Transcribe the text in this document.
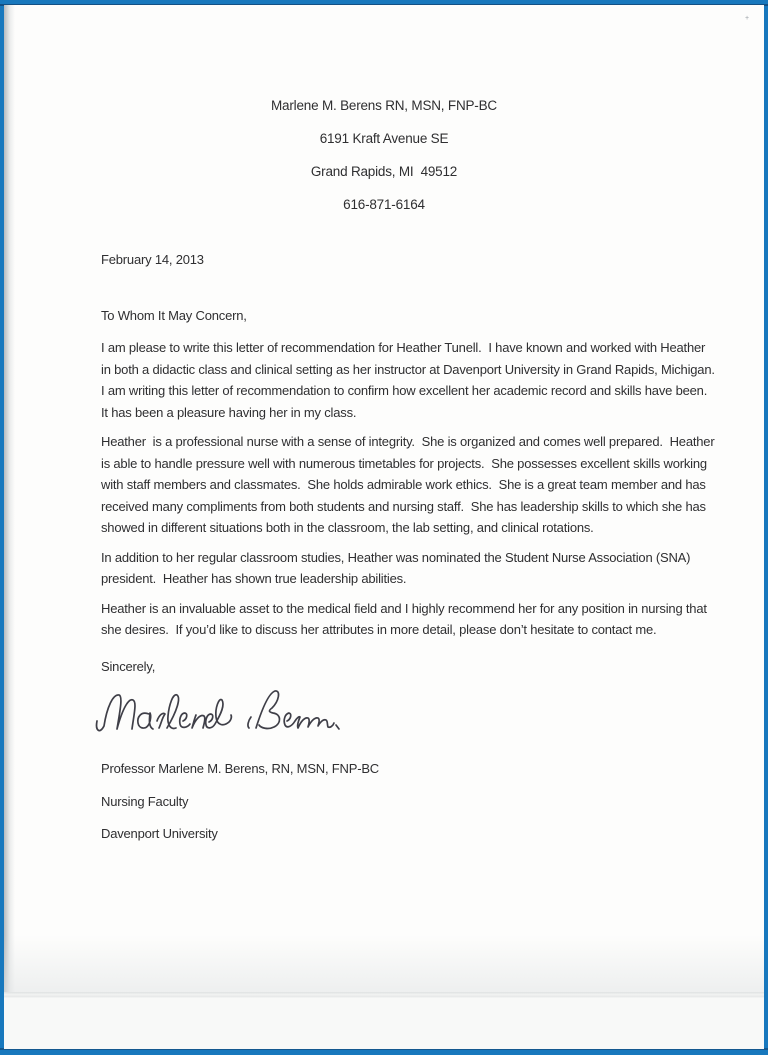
Marlene M. Berens RN, MSN, FNP-BC
6191 Kraft Avenue SE
Grand Rapids, MI  49512
616-871-6164
February 14, 2013
To Whom It May Concern,
I am please to write this letter of recommendation for Heather Tunell.  I have known and worked with Heather in both a didactic class and clinical setting as her instructor at Davenport University in Grand Rapids, Michigan.  I am writing this letter of recommendation to confirm how excellent her academic record and skills have been.  It has been a pleasure having her in my class.
Heather  is a professional nurse with a sense of integrity.  She is organized and comes well prepared.  Heather is able to handle pressure well with numerous timetables for projects.  She possesses excellent skills working with staff members and classmates.  She holds admirable work ethics.  She is a great team member and has received many compliments from both students and nursing staff.  She has leadership skills to which she has showed in different situations both in the classroom, the lab setting, and clinical rotations.
In addition to her regular classroom studies, Heather was nominated the Student Nurse Association (SNA) president.  Heather has shown true leadership abilities.
Heather is an invaluable asset to the medical field and I highly recommend her for any position in nursing that she desires.  If you’d like to discuss her attributes in more detail, please don’t hesitate to contact me.
Sincerely,
Professor Marlene M. Berens, RN, MSN, FNP-BC
Nursing Faculty
Davenport University
+
